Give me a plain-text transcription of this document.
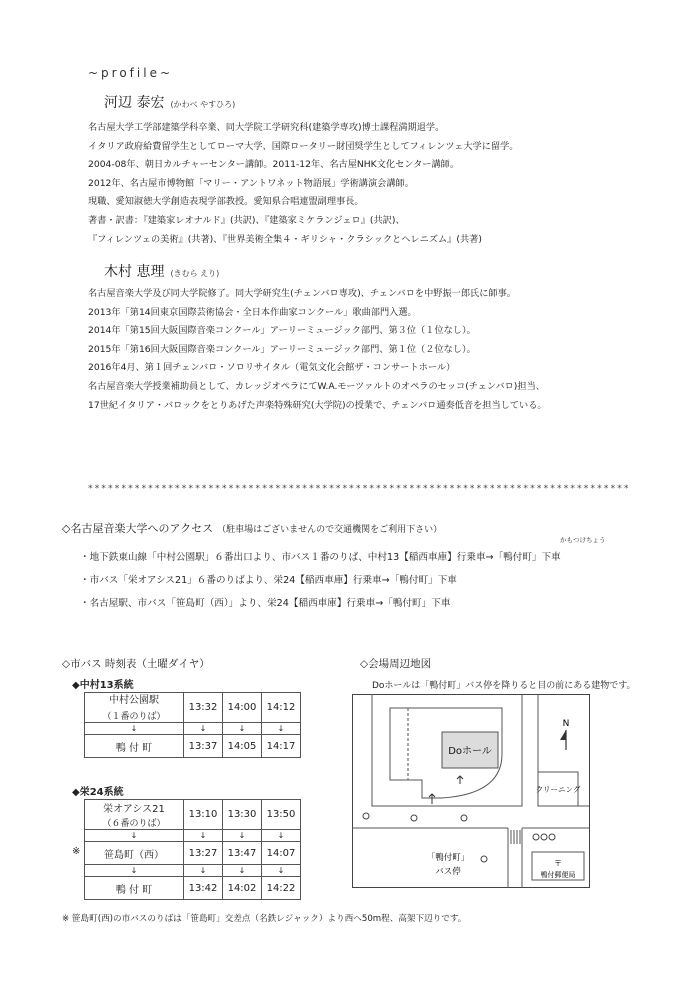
~profile~
河辺 泰宏 (かわべ やすひろ)
名古屋大学工学部建築学科卒業、同大学院工学研究科(建築学専攻)博士課程満期退学。
イタリア政府給費留学生としてローマ大学、国際ロータリー財団奨学生としてフィレンツェ大学に留学。
2004-08年、朝日カルチャーセンター講師。2011-12年、名古屋NHK文化センター講師。
2012年、名古屋市博物館「マリー・アントワネット物語展」学術講演会講師。
現職、愛知淑徳大学創造表現学部教授。愛知県合唱連盟副理事長。
著書・訳書：『建築家レオナルド』(共訳)、『建築家ミケランジェロ』(共訳)、
『フィレンツェの美術』(共著)、『世界美術全集４・ギリシャ・クラシックとヘレニズム』(共著)
木村 恵理 (きむら えり)
名古屋音楽大学及び同大学院修了。同大学研究生(チェンバロ専攻)、チェンバロを中野振一郎氏に師事。
2013年「第14回東京国際芸術協会・全日本作曲家コンクール」歌曲部門入選。
2014年「第15回大阪国際音楽コンクール」アーリーミュージック部門、第３位（１位なし）。
2015年「第16回大阪国際音楽コンクール」アーリーミュージック部門、第１位（２位なし）。
2016年4月、第１回チェンバロ・ソロリサイタル（電気文化会館ザ・コンサートホール）
名古屋音楽大学授業補助員として、カレッジオペラにてW.A.モーツァルトのオペラのセッコ(チェンバロ)担当、
17世紀イタリア・バロックをとりあげた声楽特殊研究(大学院)の授業で、チェンバロ通奏低音を担当している。
*********************************************************************************
◇名古屋音楽大学へのアクセス （駐車場はございませんので交通機関をご利用下さい）
かもつけちょう
・地下鉄東山線「中村公園駅」６番出口より、市バス１番のりば、中村13【稲西車庫】行乗車→「鴨付町」下車
・市バス「栄オアシス21」６番のりばより、栄24【稲西車庫】行乗車→「鴨付町」下車
・名古屋駅、市バス「笹島町（西）」より、栄24【稲西車庫】行乗車→「鴨付町」下車
◇市バス 時刻表（土曜ダイヤ）
◆中村13系統
中村公園駅	13:32	14:00	14:12
（１番のりば）			
↓	↓	↓	↓
鴨 付 町	13:37	14:05	14:17
◆栄24系統
※
栄オアシス21	13:10	13:30	13:50
（６番のりば）			
↓	↓	↓	↓
笹島町（西）	13:27	13:47	14:07
↓	↓	↓	↓
鴨 付 町	13:42	14:02	14:22
◇会場周辺地図
Doホールは「鴨付町」バス停を降りると目の前にある建物です。
Doホール
N
クリーニング
「鴨付町」
バス停
〒
鴨付郵便局
※ 笹島町(西)の市バスのりばは「笹島町」交差点（名鉄レジャック）より西へ50m程、高架下辺りです。
